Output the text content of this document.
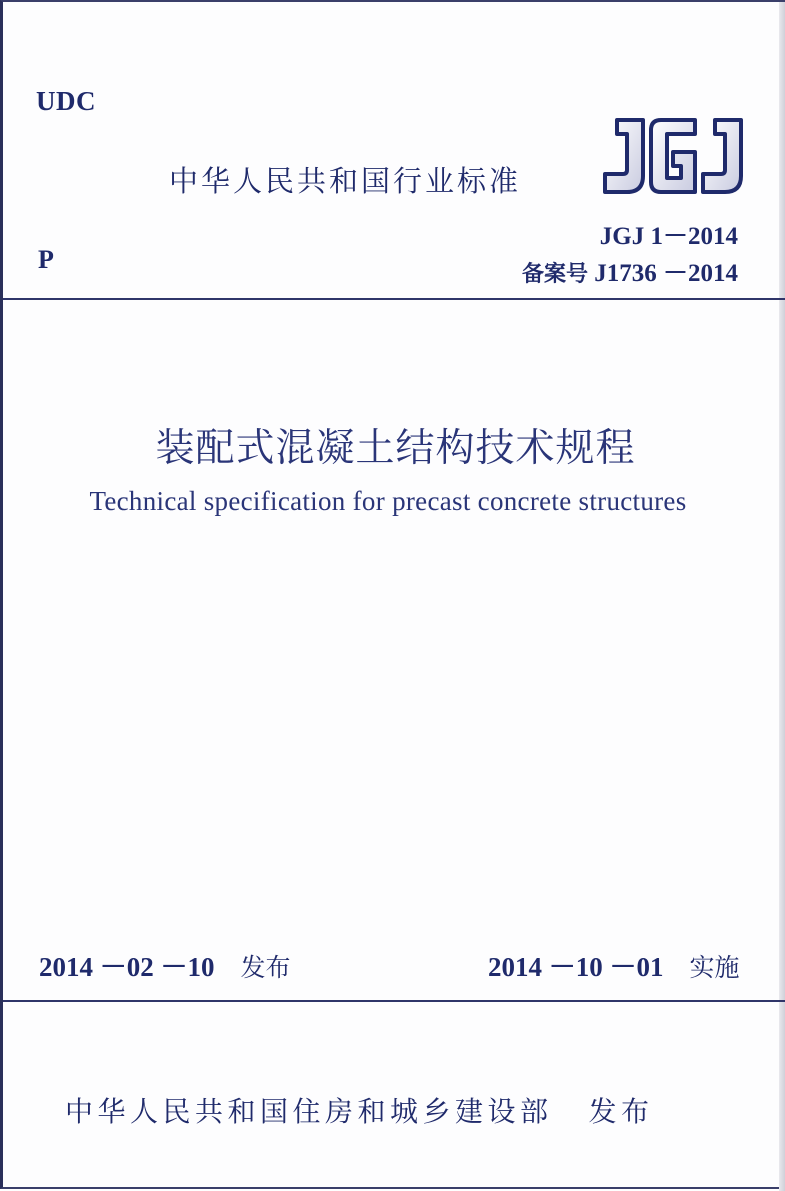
UDC
中华人民共和国行业标准
JGJ
JGJ 1－2014
备案号 J1736 －2014
P
装配式混凝土结构技术规程
Technical specification for precast concrete structures
2014 －02 －10 发布	2014 －10 －01 实施
中华人民共和国住房和城乡建设部 发布
